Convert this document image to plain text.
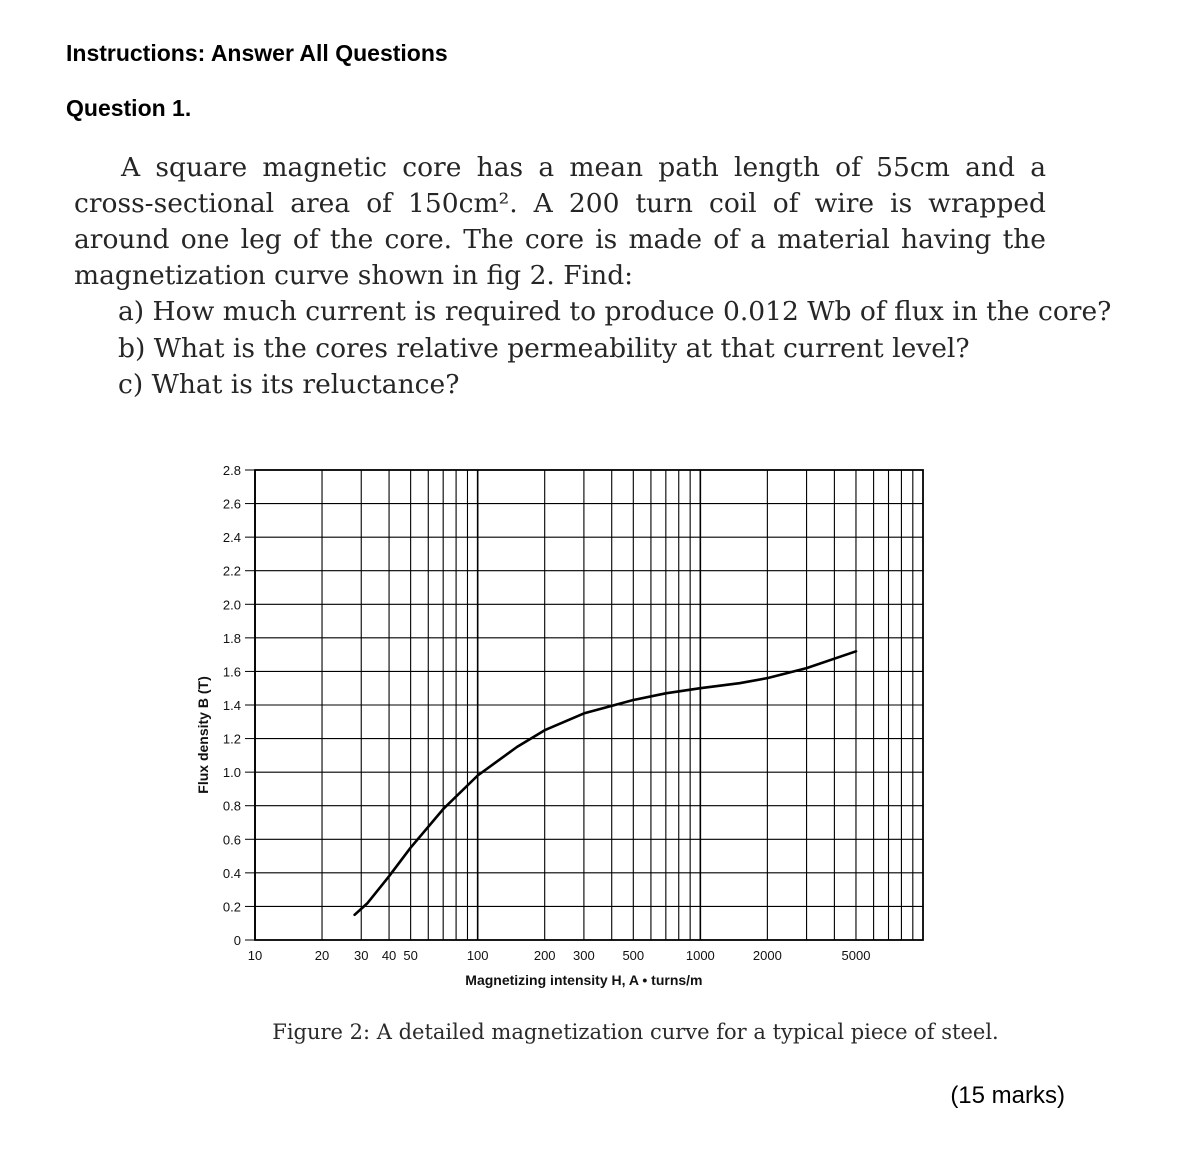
Instructions: Answer All Questions
Question 1.

A square magnetic core has a mean path length of 55cm and a cross-sectional area of 150cm². A 200 turn coil of wire is wrapped around one leg of the core. The core is made of a material having the magnetization curve shown in fig 2. Find:

a) How much current is required to produce 0.012 Wb of flux in the core?
b) What is the cores relative permeability at that current level?
c) What is its reluctance?
0
0.2
0.4
0.6
0.8
1.0
1.2
1.4
1.6
1.8
2.0
2.2
2.4
2.6
2.8
10	20 30 40 50	100	200 300 500	1000	2000	5000
Magnetizing intensity H, A • turns/m
Flux density B (T)
Figure 2: A detailed magnetization curve for a typical piece of steel.
(15 marks)
